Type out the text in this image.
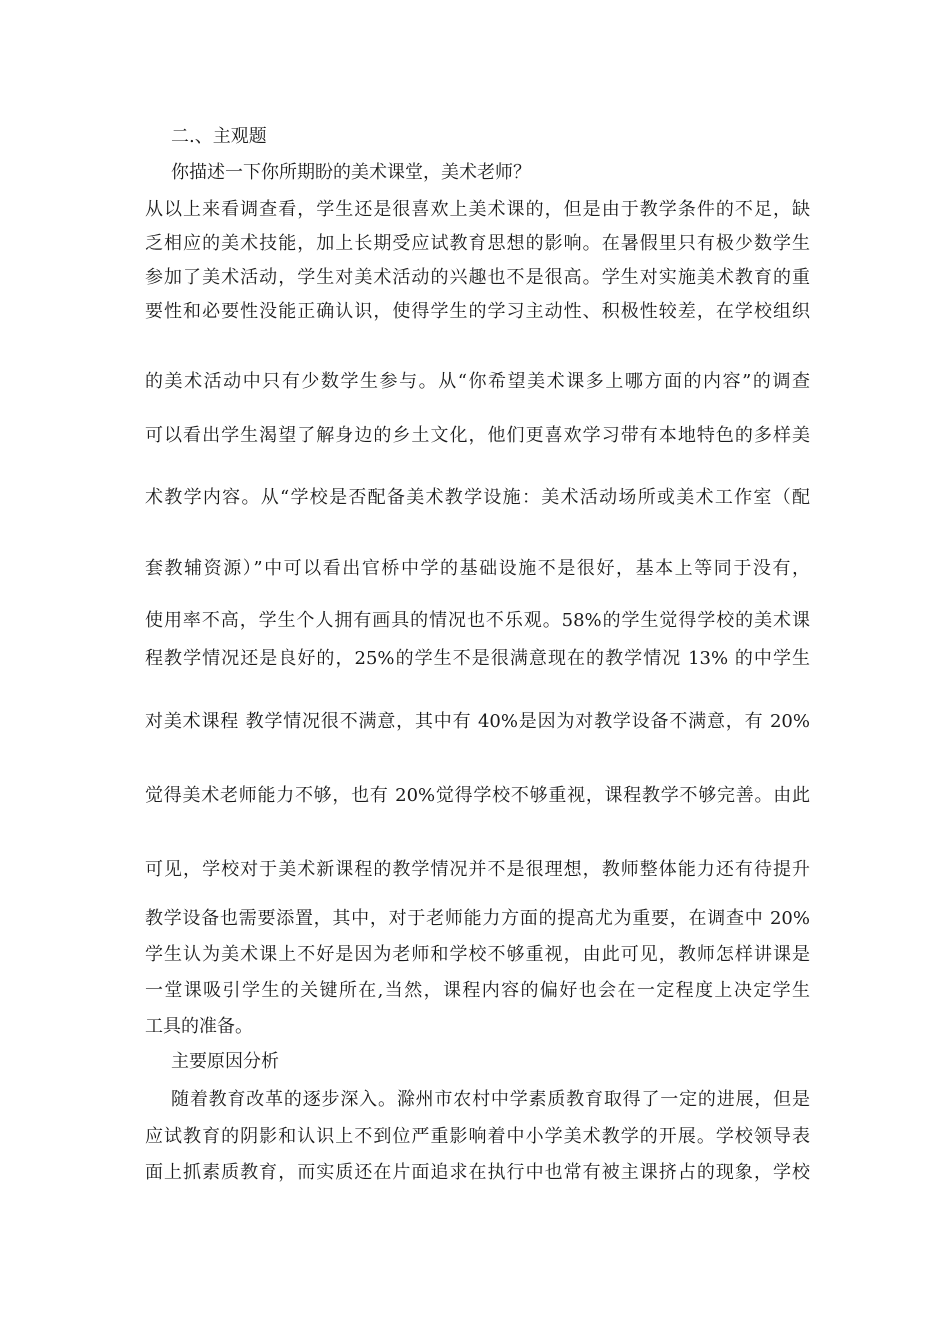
二.、主观题
你描述一下你所期盼的美术课堂，美术老师？
从以上来看调查看，学生还是很喜欢上美术课的，但是由于教学条件的不足，缺
乏相应的美术技能，加上长期受应试教育思想的影响。在暑假里只有极少数学生
参加了美术活动，学生对美术活动的兴趣也不是很高。学生对实施美术教育的重
要性和必要性没能正确认识，使得学生的学习主动性、积极性较差，在学校组织
的美术活动中只有少数学生参与。从“你希望美术课多上哪方面的内容”的调查
可以看出学生渴望了解身边的乡土文化，他们更喜欢学习带有本地特色的多样美
术教学内容。从“学校是否配备美术教学设施：美术活动场所或美术工作室（配
套教辅资源）”中可以看出官桥中学的基础设施不是很好，基本上等同于没有，
使用率不高，学生个人拥有画具的情况也不乐观。58%的学生觉得学校的美术课
程教学情况还是良好的，25%的学生不是很满意现在的教学情况 13% 的中学生
对美术课程 教学情况很不满意，其中有 40%是因为对教学设备不满意，有 20%
觉得美术老师能力不够，也有 20%觉得学校不够重视，课程教学不够完善。由此
可见，学校对于美术新课程的教学情况并不是很理想，教师整体能力还有待提升
教学设备也需要添置，其中，对于老师能力方面的提高尤为重要，在调查中 20%
学生认为美术课上不好是因为老师和学校不够重视，由此可见，教师怎样讲课是
一堂课吸引学生的关键所在,当然，课程内容的偏好也会在一定程度上决定学生
工具的准备。
主要原因分析
随着教育改革的逐步深入。滁州市农村中学素质教育取得了一定的进展，但是
应试教育的阴影和认识上不到位严重影响着中小学美术教学的开展。学校领导表
面上抓素质教育，而实质还在片面追求在执行中也常有被主课挤占的现象，学校
